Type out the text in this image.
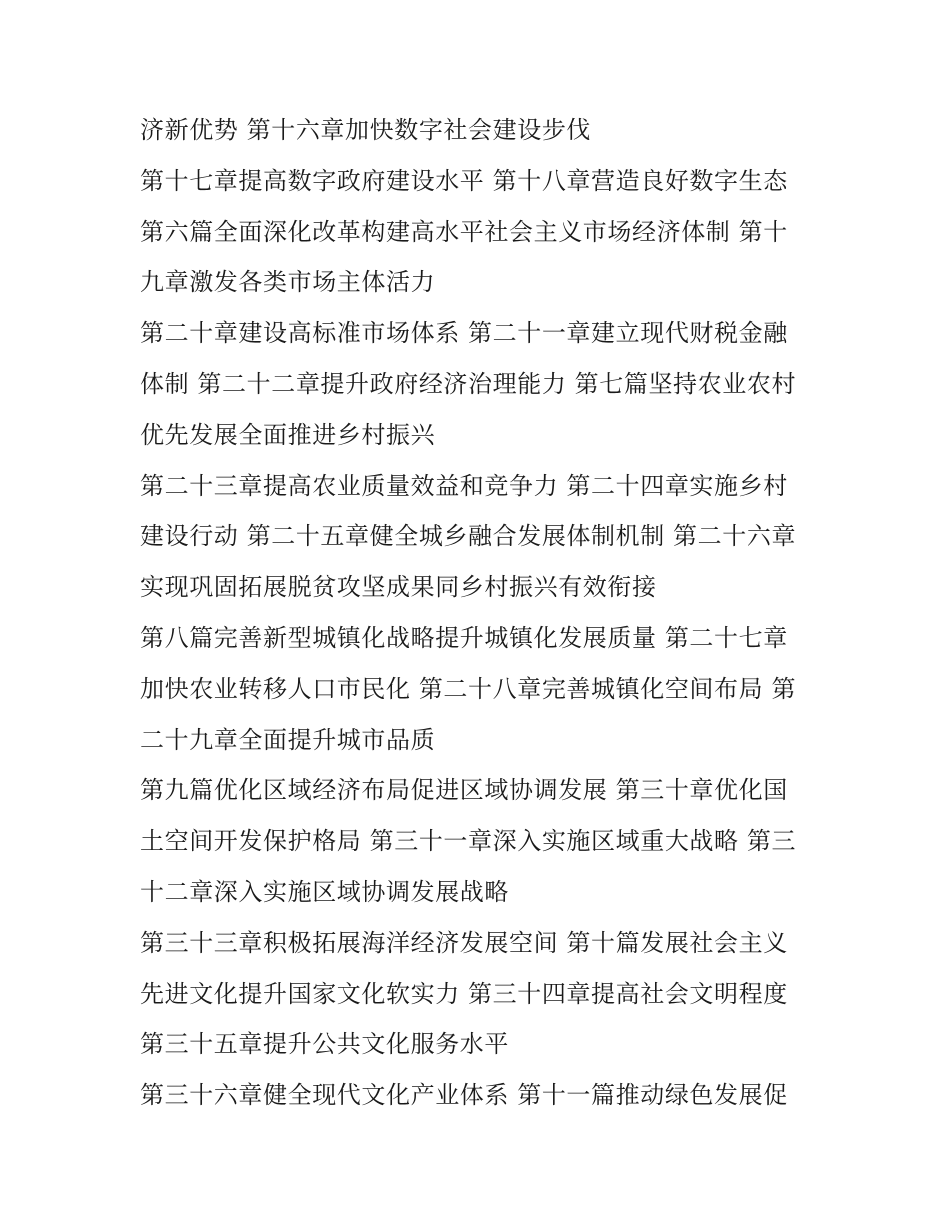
济新优势 第十六章加快数字社会建设步伐
第十七章提高数字政府建设水平 第十八章营造良好数字生态
第六篇全面深化改革构建高水平社会主义市场经济体制 第十
九章激发各类市场主体活力
第二十章建设高标准市场体系 第二十一章建立现代财税金融
体制 第二十二章提升政府经济治理能力 第七篇坚持农业农村
优先发展全面推进乡村振兴
第二十三章提高农业质量效益和竞争力 第二十四章实施乡村
建设行动 第二十五章健全城乡融合发展体制机制 第二十六章
实现巩固拓展脱贫攻坚成果同乡村振兴有效衔接
第八篇完善新型城镇化战略提升城镇化发展质量 第二十七章
加快农业转移人口市民化 第二十八章完善城镇化空间布局 第
二十九章全面提升城市品质
第九篇优化区域经济布局促进区域协调发展 第三十章优化国
土空间开发保护格局 第三十一章深入实施区域重大战略 第三
十二章深入实施区域协调发展战略
第三十三章积极拓展海洋经济发展空间 第十篇发展社会主义
先进文化提升国家文化软实力 第三十四章提高社会文明程度
第三十五章提升公共文化服务水平
第三十六章健全现代文化产业体系 第十一篇推动绿色发展促
